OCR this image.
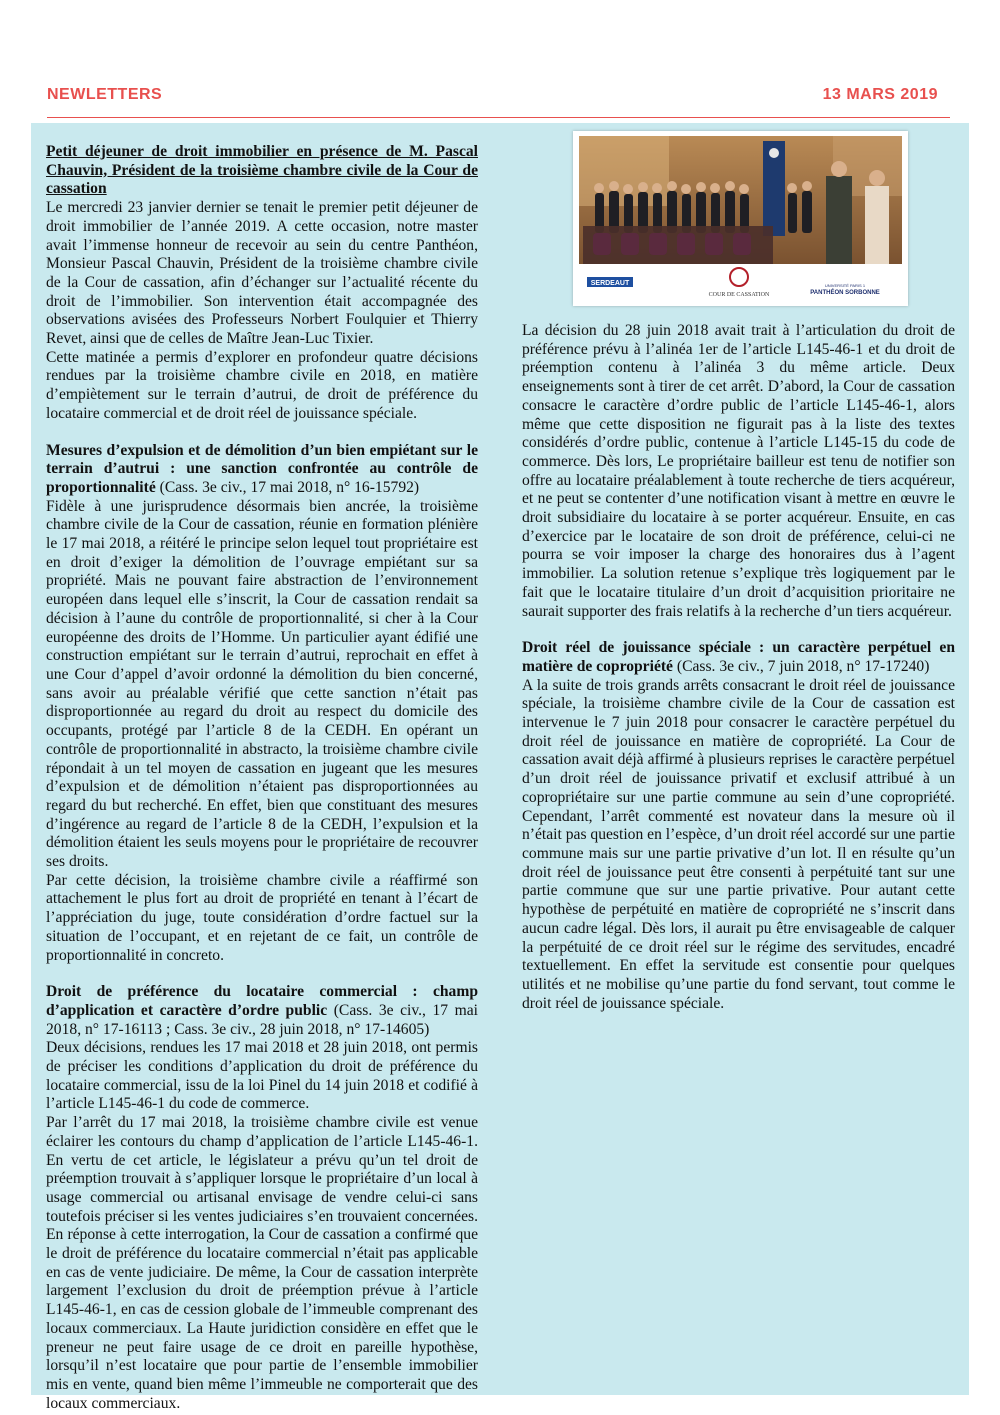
NEWLETTERS	13 MARS 2019
SERDEAUT
COUR DE CASSATION
UNIVERSITÉ PARIS 1
PANTHÉON SORBONNE

Petit déjeuner de droit immobilier en présence de M. Pascal Chauvin, Président de la troisième chambre civile de la Cour de cassation

Le mercredi 23 janvier dernier se tenait le premier petit déjeuner de droit immobilier de l’année 2019. A cette occasion, notre master avait l’immense honneur de recevoir au sein du centre Panthéon, Monsieur Pascal Chauvin, Président de la troisième chambre civile de la Cour de cassation, afin d’échanger sur l’actualité récente du droit de l’immobilier. Son intervention était accompagnée des observations avisées des Professeurs Norbert Foulquier et Thierry Revet, ainsi que de celles de Maître Jean-Luc Tixier.

Cette matinée a permis d’explorer en profondeur quatre décisions rendues par la troisième chambre civile en 2018, en matière d’empiètement sur le terrain d’autrui, de droit de préférence du locataire commercial et de droit réel de jouissance spéciale.

Mesures d’expulsion et de démolition d’un bien empiétant sur le terrain d’autrui : une sanction confrontée au contrôle de proportionnalité (Cass. 3e civ., 17 mai 2018, n° 16-15792)

Fidèle à une jurisprudence désormais bien ancrée, la troisième chambre civile de la Cour de cassation, réunie en formation plénière le 17 mai 2018, a réitéré le principe selon lequel tout propriétaire est en droit d’exiger la démolition de l’ouvrage empiétant sur sa propriété. Mais ne pouvant faire abstraction de l’environnement européen dans lequel elle s’inscrit, la Cour de cassation rendait sa décision à l’aune du contrôle de proportionnalité, si cher à la Cour européenne des droits de l’Homme. Un particulier ayant édifié une construction empiétant sur le terrain d’autrui, reprochait en effet à une Cour d’appel d’avoir ordonné la démolition du bien concerné, sans avoir au préalable vérifié que cette sanction n’était pas disproportionnée au regard du droit au respect du domicile des occupants, protégé par l’article 8 de la CEDH. En opérant un contrôle de proportionnalité in abstracto, la troisième chambre civile répondait à un tel moyen de cassation en jugeant que les mesures d’expulsion et de démolition n’étaient pas disproportionnées au regard du but recherché. En effet, bien que constituant des mesures d’ingérence au regard de l’article 8 de la CEDH, l’expulsion et la démolition étaient les seuls moyens pour le propriétaire de recouvrer ses droits.

Par cette décision, la troisième chambre civile a réaffirmé son attachement le plus fort au droit de propriété en tenant à l’écart de l’appréciation du juge, toute considération d’ordre factuel sur la situation de l’occupant, et en rejetant de ce fait, un contrôle de proportionnalité in concreto.

Droit de préférence du locataire commercial : champ d’application et caractère d’ordre public (Cass. 3e civ., 17 mai 2018, n° 17-16113 ; Cass. 3e civ., 28 juin 2018, n° 17-14605)

Deux décisions, rendues les 17 mai 2018 et 28 juin 2018, ont permis de préciser les conditions d’application du droit de préférence du locataire commercial, issu de la loi Pinel du 14 juin 2018 et codifié à l’article L145-46-1 du code de commerce.

Par l’arrêt du 17 mai 2018, la troisième chambre civile est venue éclairer les contours du champ d’application de l’article L145-46-1. En vertu de cet article, le législateur a prévu qu’un tel droit de préemption trouvait à s’appliquer lorsque le propriétaire d’un local à usage commercial ou artisanal envisage de vendre celui-ci sans toutefois préciser si les ventes judiciaires s’en trouvaient concernées. En réponse à cette interrogation, la Cour de cassation a confirmé que le droit de préférence du locataire commercial n’était pas applicable en cas de vente judiciaire. De même, la Cour de cassation interprète largement l’exclusion du droit de préemption prévue à l’article L145-46-1, en cas de cession globale de l’immeuble comprenant des locaux commerciaux. La Haute juridiction considère en effet que le preneur ne peut faire usage de ce droit en pareille hypothèse, lorsqu’il n’est locataire que pour partie de l’ensemble immobilier mis en vente, quand bien même l’immeuble ne comporterait que des locaux commerciaux.

La décision du 28 juin 2018 avait trait à l’articulation du droit de préférence prévu à l’alinéa 1er de l’article L145-46-1 et du droit de préemption contenu à l’alinéa 3 du même article. Deux enseignements sont à tirer de cet arrêt. D’abord, la Cour de cassation consacre le caractère d’ordre public de l’article L145-46-1, alors même que cette disposition ne figurait pas à la liste des textes considérés d’ordre public, contenue à l’article L145-15 du code de commerce. Dès lors, Le propriétaire bailleur est tenu de notifier son offre au locataire préalablement à toute recherche de tiers acquéreur, et ne peut se contenter d’une notification visant à mettre en œuvre le droit subsidiaire du locataire à se porter acquéreur. Ensuite, en cas d’exercice par le locataire de son droit de préférence, celui-ci ne pourra se voir imposer la charge des honoraires dus à l’agent immobilier. La solution retenue s’explique très logiquement par le fait que le locataire titulaire d’un droit d’acquisition prioritaire ne saurait supporter des frais relatifs à la recherche d’un tiers acquéreur.

Droit réel de jouissance spéciale : un caractère perpétuel en matière de copropriété (Cass. 3e civ., 7 juin 2018, n° 17-17240)

A la suite de trois grands arrêts consacrant le droit réel de jouissance spéciale, la troisième chambre civile de la Cour de cassation est intervenue le 7 juin 2018 pour consacrer le caractère perpétuel du droit réel de jouissance en matière de copropriété. La Cour de cassation avait déjà affirmé à plusieurs reprises le caractère perpétuel d’un droit réel de jouissance privatif et exclusif attribué à un copropriétaire sur une partie commune au sein d’une copropriété. Cependant, l’arrêt commenté est novateur dans la mesure où il n’était pas question en l’espèce, d’un droit réel accordé sur une partie commune mais sur une partie privative d’un lot. Il en résulte qu’un droit réel de jouissance peut être consenti à perpétuité tant sur une partie commune que sur une partie privative. Pour autant cette hypothèse de perpétuité en matière de copropriété ne s’inscrit dans aucun cadre légal. Dès lors, il aurait pu être envisageable de calquer la perpétuité de ce droit réel sur le régime des servitudes, encadré textuellement. En effet la servitude est consentie pour quelques utilités et ne mobilise qu’une partie du fond servant, tout comme le droit réel de jouissance spéciale.
